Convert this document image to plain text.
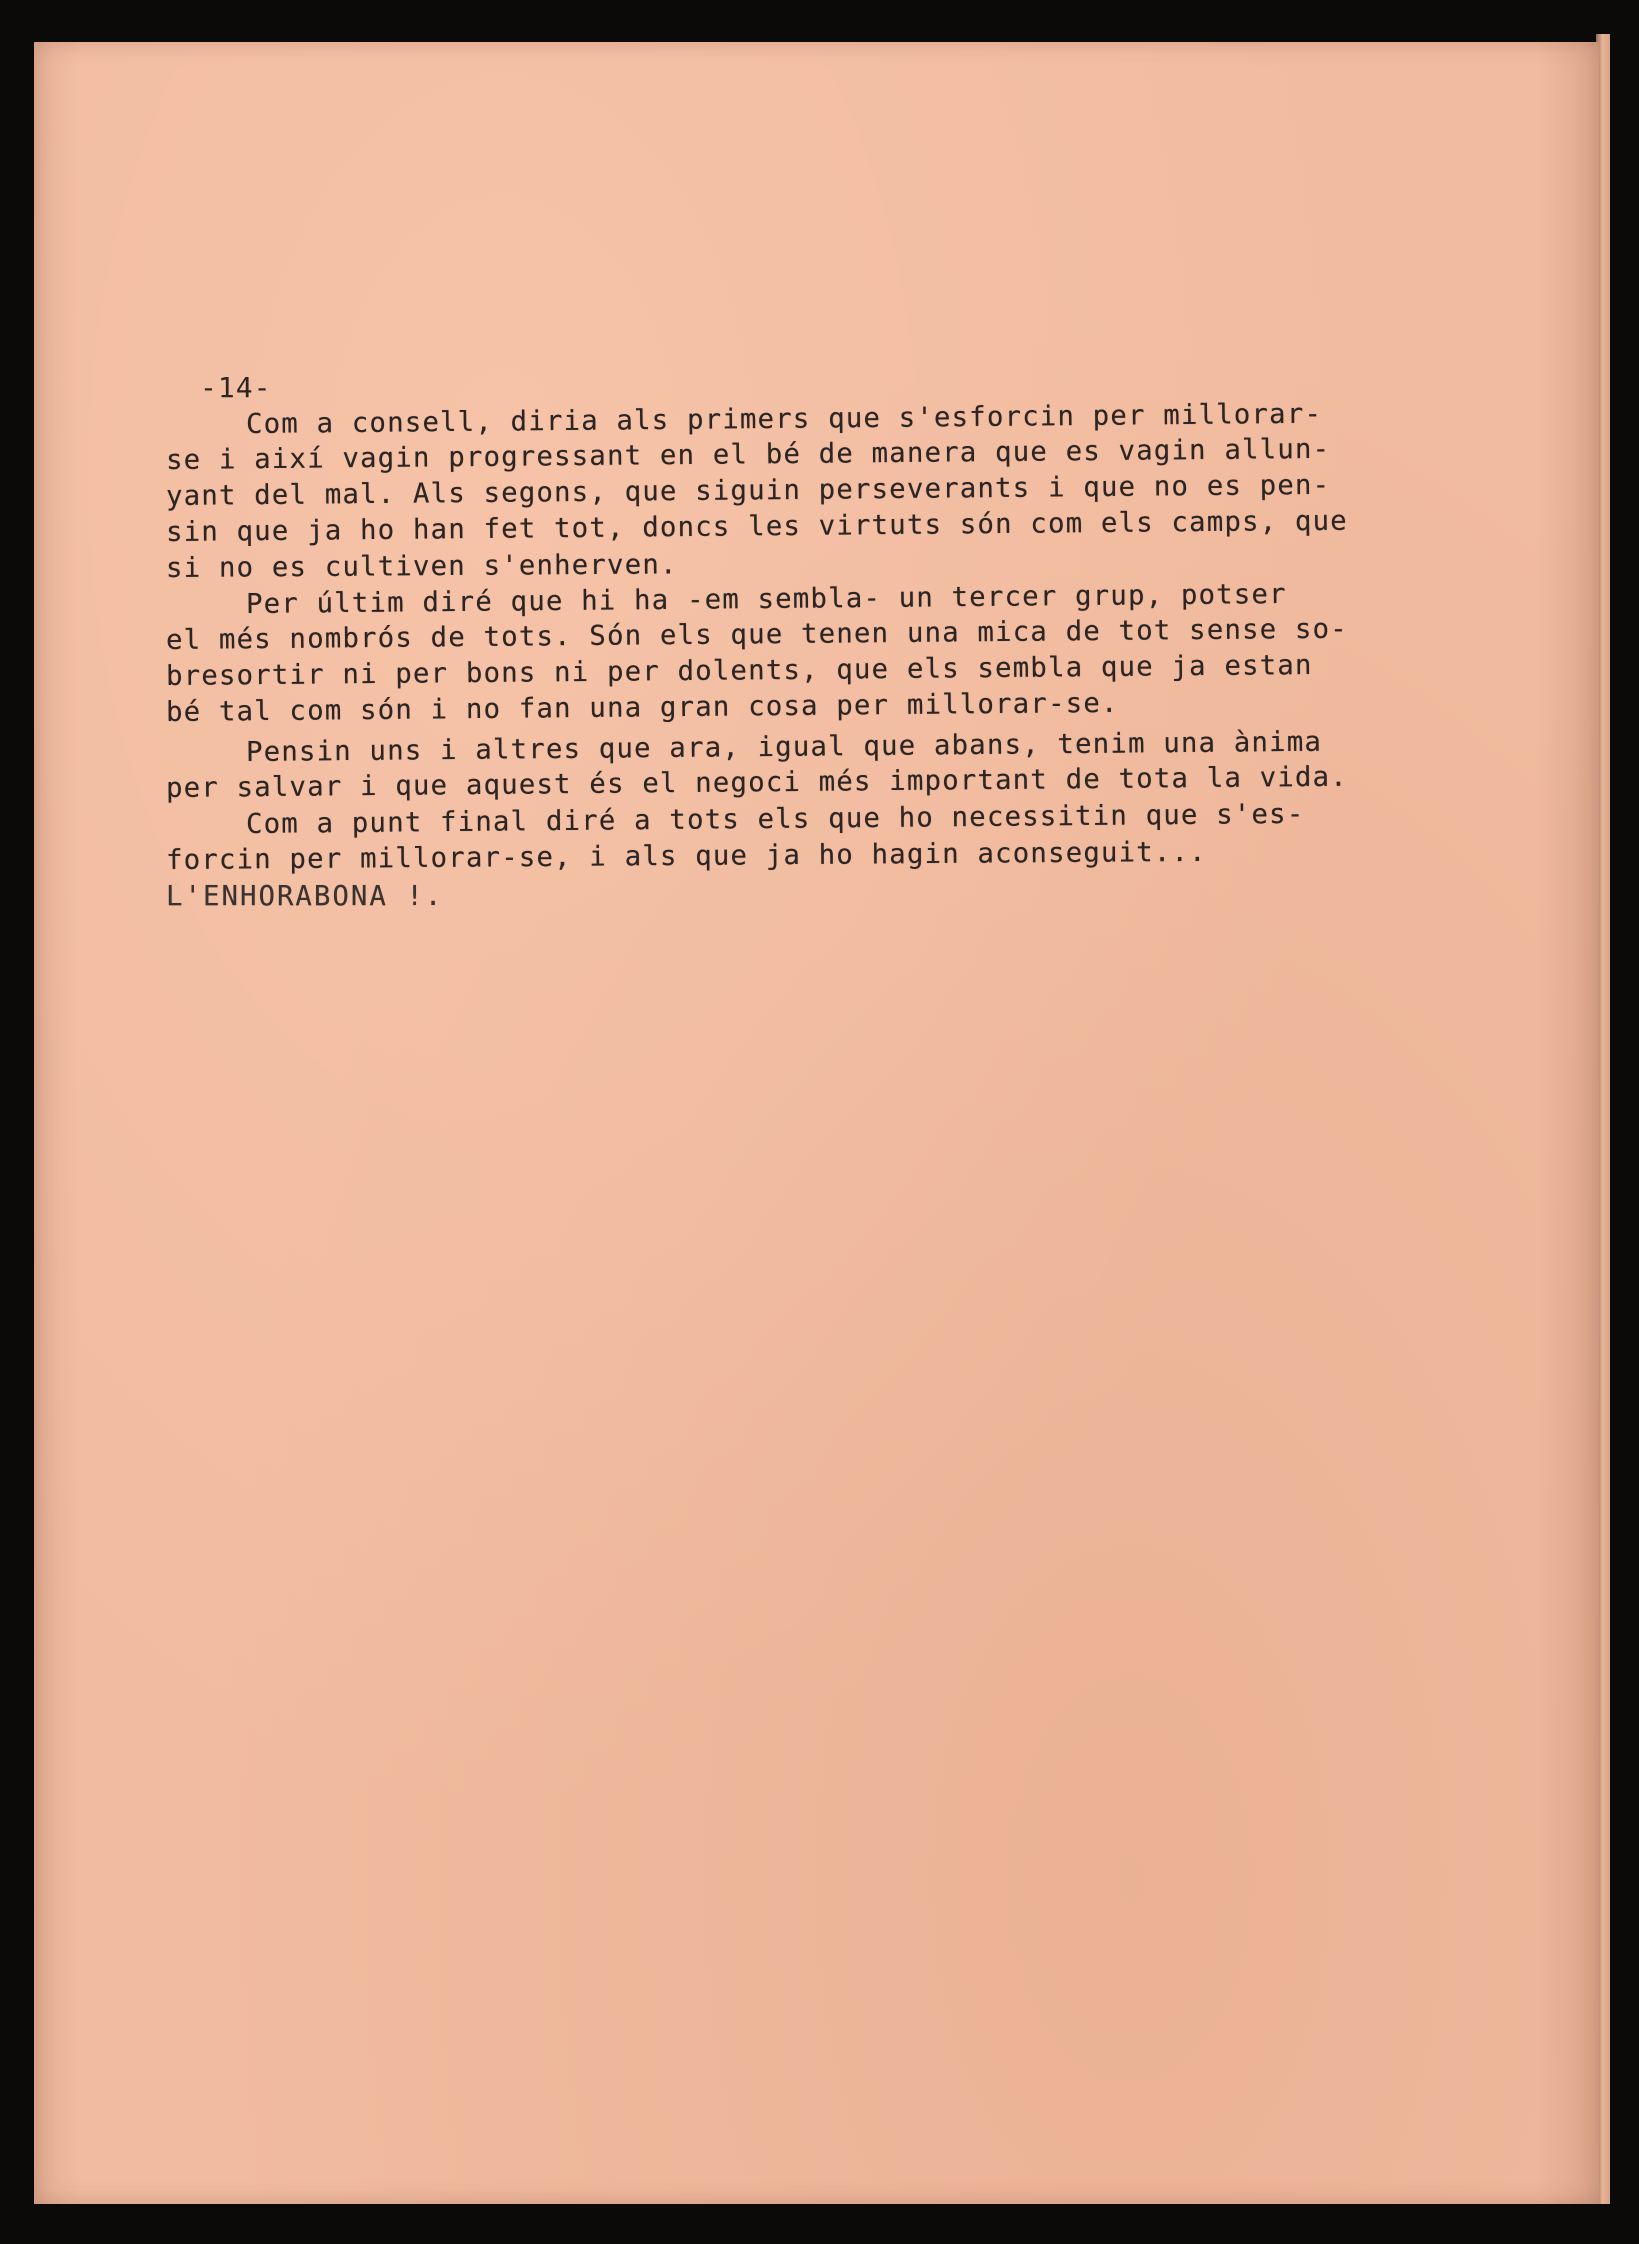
-14-
Com a consell, diria als primers que s'esforcin per millorar-
se i així vagin progressant en el bé de manera que es vagin allun-
yant del mal. Als segons, que siguin perseverants i que no es pen-
sin que ja ho han fet tot, doncs les virtuts són com els camps, que
si no es cultiven s'enherven.
Per últim diré que hi ha -em sembla- un tercer grup, potser
el més nombrós de tots. Són els que tenen una mica de tot sense so-
bresortir ni per bons ni per dolents, que els sembla que ja estan
bé tal com són i no fan una gran cosa per millorar-se.
Pensin uns i altres que ara, igual que abans, tenim una ànima
per salvar i que aquest és el negoci més important de tota la vida.
Com a punt final diré a tots els que ho necessitin que s'es-
forcin per millorar-se, i als que ja ho hagin aconseguit...
L'ENHORABONA !.
